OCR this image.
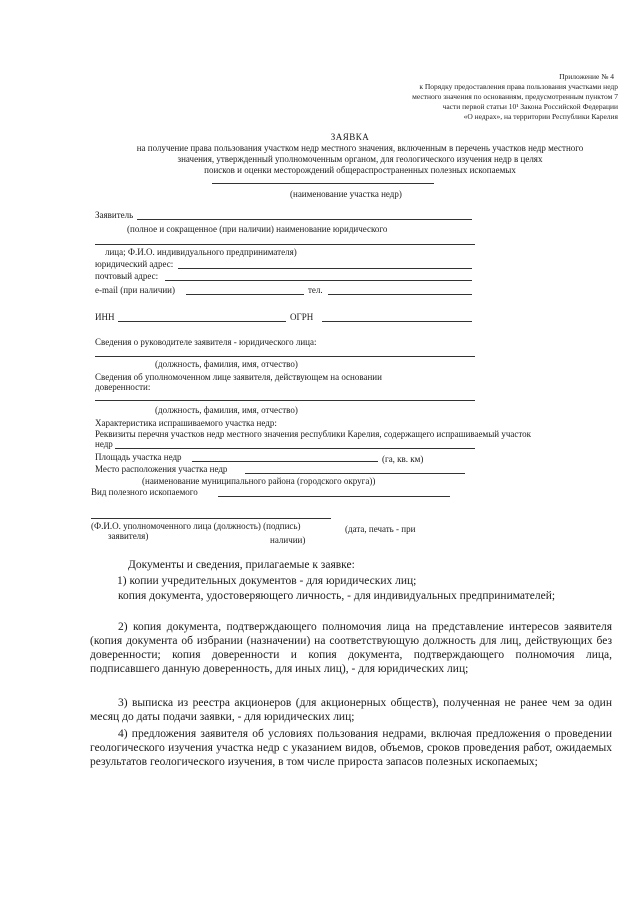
Приложение № 4
к Порядку предоставления права пользования участками недр
местного значения по основаниям, предусмотренным пунктом 7
части первой статьи 10¹ Закона Российской Федерации
«О недрах», на территории Республики Карелия
ЗАЯВКА
на получение права пользования участком недр местного значения, включенным в перечень участков недр местного
значения, утвержденный уполномоченным органом, для геологического изучения недр в целях
поисков и оценки месторождений общераспространенных полезных ископаемых
(наименование участка недр)
Заявитель
(полное и сокращенное (при наличии) наименование юридического
лица; Ф.И.О. индивидуального предпринимателя)
юридический адрес:
почтовый адрес:
e-mail (при наличии)	тел.
ИНН	ОГРН
Сведения о руководителе заявителя - юридического лица:
(должность, фамилия, имя, отчество)
Сведения об уполномоченном лице заявителя, действующем на основании
доверенности:
(должность, фамилия, имя, отчество)
Характеристика испрашиваемого участка недр:
Реквизиты перечня участков недр местного значения республики Карелия, содержащего испрашиваемый участок
недр
Площадь участка недр	(га, кв. км)
Место расположения участка недр
(наименование муниципального района (городского округа))
Вид полезного ископаемого
(Ф.И.О. уполномоченного лица (должность) (подпись)
заявителя)
(дата, печать - при
наличии)
Документы и сведения, прилагаемые к заявке:
1) копии учредительных документов - для юридических лиц;
копия документа, удостоверяющего личность, - для индивидуальных предпринимателей;
2) копия документа, подтверждающего полномочия лица на представление интересов заявителя (копия документа об избрании (назначении) на соответствующую должность для лиц, действующих без доверенности; копия доверенности и копия документа, подтверждающего полномочия лица, подписавшего данную доверенность, для иных лиц), - для юридических лиц;
3) выписка из реестра акционеров (для акционерных обществ), полученная не ранее чем за один месяц до даты подачи заявки, - для юридических лиц;
4) предложения заявителя об условиях пользования недрами, включая предложения о проведении геологического изучения участка недр с указанием видов, объемов, сроков проведения работ, ожидаемых результатов геологического изучения, в том числе прироста запасов полезных ископаемых;
